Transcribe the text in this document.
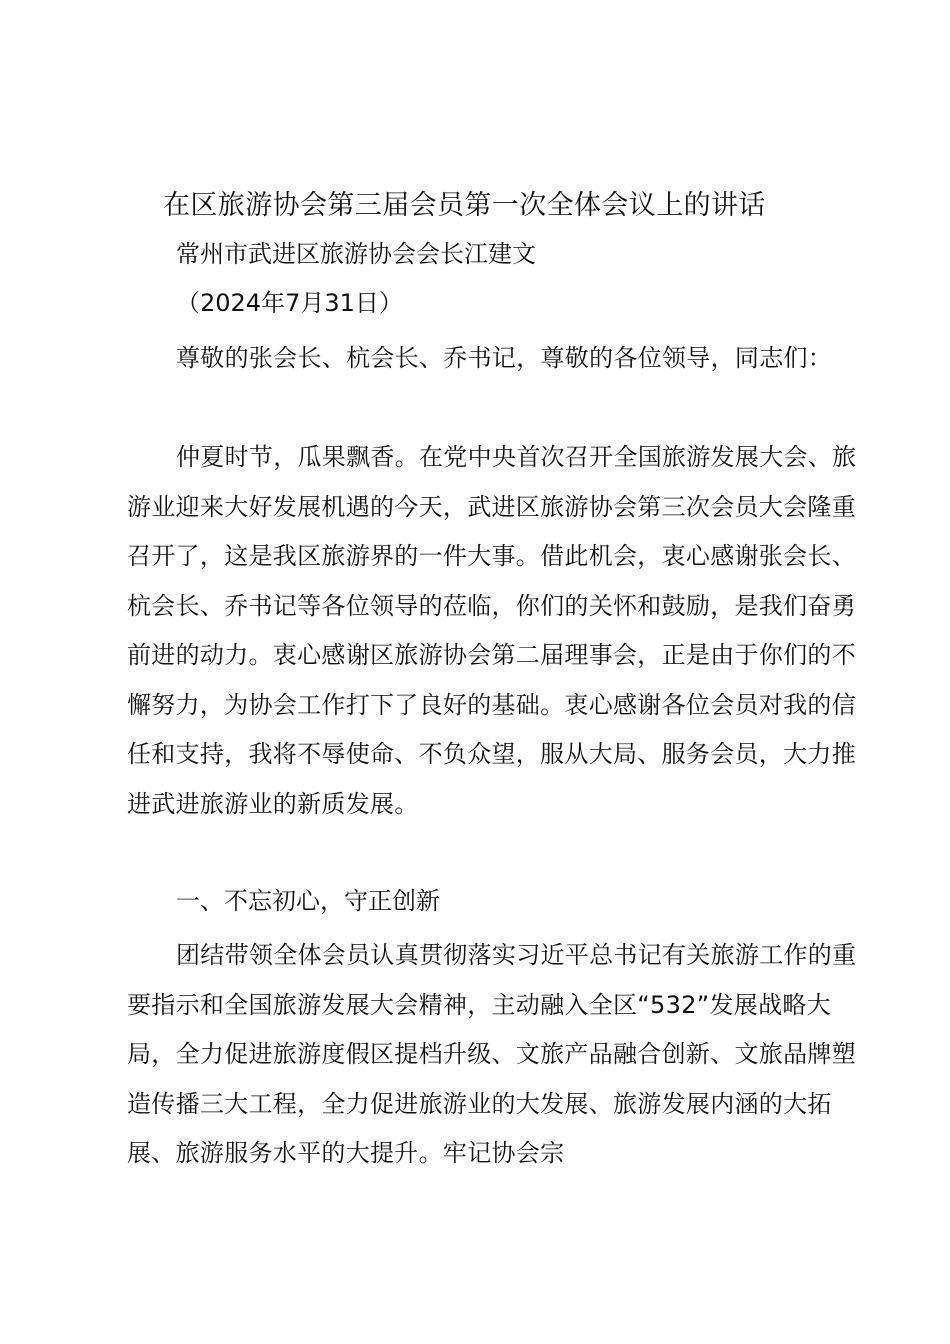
在区旅游协会第三届会员第一次全体会议上的讲话
常州市武进区旅游协会会长江建文
（2024年7月31日）

尊敬的张会长、杭会长、乔书记，尊敬的各位领导，同志们：

仲夏时节，瓜果飘香。在党中央首次召开全国旅游发展大会、旅游业迎来大好发展机遇的今天，武进区旅游协会第三次会员大会隆重召开了，这是我区旅游界的一件大事。借此机会，衷心感谢张会长、杭会长、乔书记等各位领导的莅临，你们的关怀和鼓励，是我们奋勇前进的动力。衷心感谢区旅游协会第二届理事会，正是由于你们的不懈努力，为协会工作打下了良好的基础。衷心感谢各位会员对我的信任和支持，我将不辱使命、不负众望，服从大局、服务会员，大力推进武进旅游业的新质发展。

一、不忘初心，守正创新

团结带领全体会员认真贯彻落实习近平总书记有关旅游工作的重要指示和全国旅游发展大会精神，主动融入全区“532”发展战略大局，全力促进旅游度假区提档升级、文旅产品融合创新、文旅品牌塑造传播三大工程，全力促进旅游业的大发展、旅游发展内涵的大拓展、旅游服务水平的大提升。牢记协会宗
